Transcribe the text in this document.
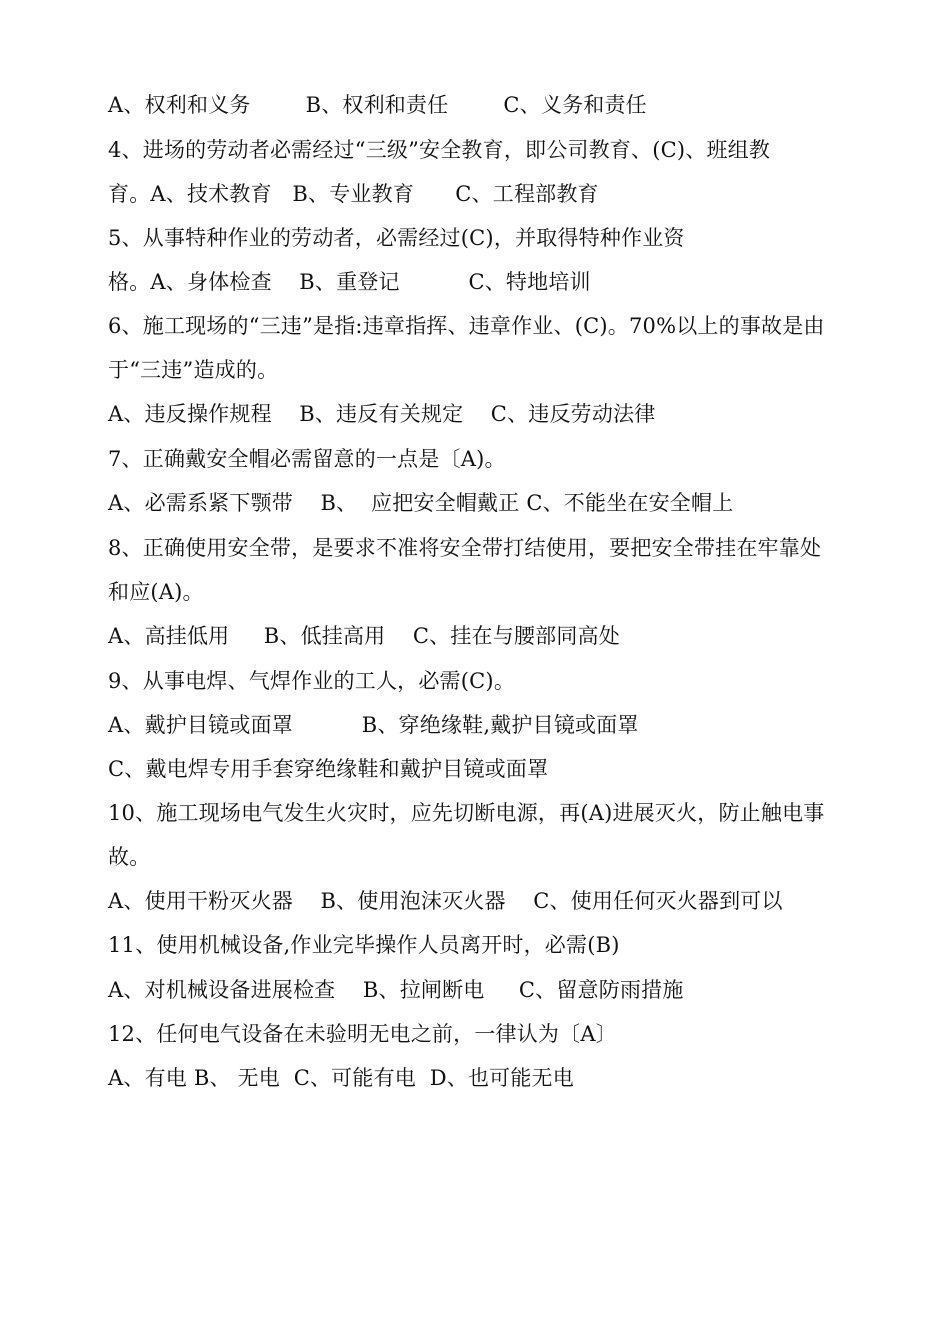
A、权利和义务        B、权利和责任        C、义务和责任
4、进场的劳动者必需经过“三级”安全教育，即公司教育、(C)、班组教
育。A、技术教育   B、专业教育      C、工程部教育
5、从事特种作业的劳动者，必需经过(C)，并取得特种作业资
格。A、身体检查    B、重登记          C、特地培训
6、施工现场的“三违”是指:违章指挥、违章作业、(C)。70%以上的事故是由
于“三违”造成的。
A、违反操作规程    B、违反有关规定    C、违反劳动法律
7、正确戴安全帽必需留意的一点是〔A)。
A、必需系紧下颚带    B、  应把安全帽戴正 C、不能坐在安全帽上
8、正确使用安全带，是要求不准将安全带打结使用，要把安全带挂在牢靠处
和应(A)。
A、高挂低用     B、低挂高用    C、挂在与腰部同高处
9、从事电焊、气焊作业的工人，必需(C)。
A、戴护目镜或面罩          B、穿绝缘鞋,戴护目镜或面罩
C、戴电焊专用手套穿绝缘鞋和戴护目镜或面罩
10、施工现场电气发生火灾时，应先切断电源，再(A)进展灭火，防止触电事
故。
A、使用干粉灭火器    B、使用泡沫灭火器    C、使用任何灭火器到可以
11、使用机械设备,作业完毕操作人员离开时，必需(B)
A、对机械设备进展检查    B、拉闸断电     C、留意防雨措施
12、任何电气设备在未验明无电之前，一律认为〔A〕
A、有电 B、 无电  C、可能有电  D、也可能无电
